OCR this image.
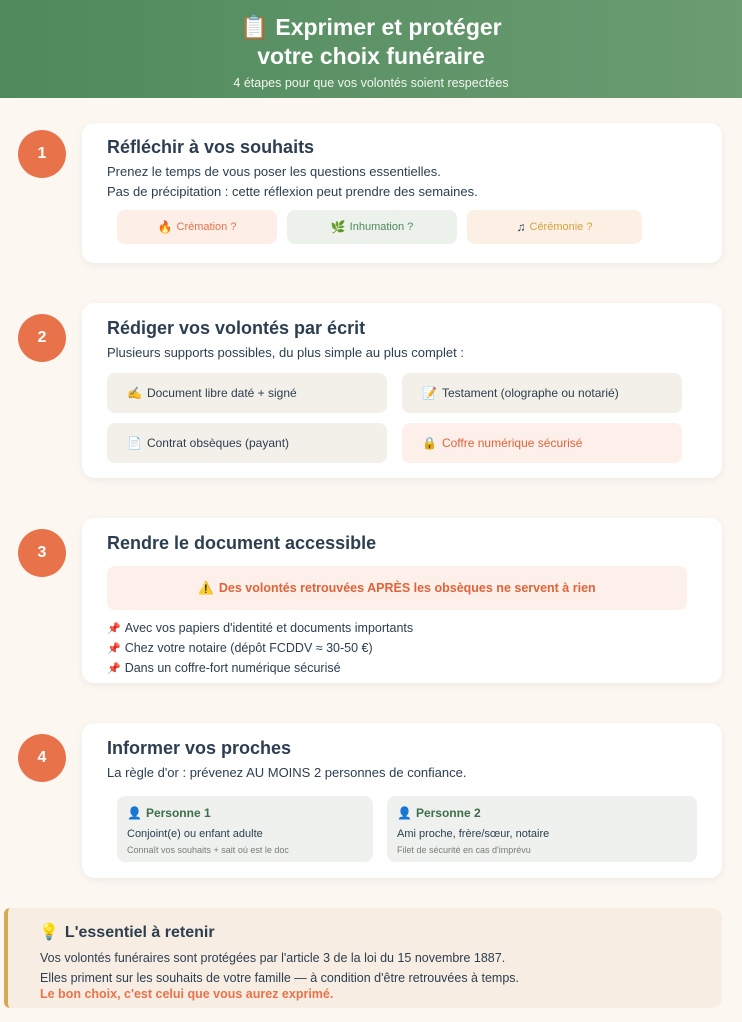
📋 Exprimer et protéger
votre choix funéraire
4 étapes pour que vos volontés soient respectées
1	Réfléchir à vos souhaits
Prenez le temps de vous poser les questions essentielles.
Pas de précipitation : cette réflexion peut prendre des semaines.
🔥 Crémation ?	🌿 Inhumation ?	♫ Cérémonie ?
2	Rédiger vos volontés par écrit
Plusieurs supports possibles, du plus simple au plus complet :
✍️ Document libre daté + signé	📝 Testament (olographe ou notarié)
📄 Contrat obsèques (payant)	🔒 Coffre numérique sécurisé
3	Rendre le document accessible
⚠️ Des volontés retrouvées APRÈS les obsèques ne servent à rien
📌 Avec vos papiers d'identité et documents importants
📌 Chez votre notaire (dépôt FCDDV ≈ 30-50 €)
📌 Dans un coffre-fort numérique sécurisé
4	Informer vos proches
La règle d'or : prévenez AU MOINS 2 personnes de confiance.
👤 Personne 1
Conjoint(e) ou enfant adulte
Connaît vos souhaits + sait où est le doc
👤 Personne 2
Ami proche, frère/sœur, notaire
Filet de sécurité en cas d'imprévu
💡 L'essentiel à retenir
Vos volontés funéraires sont protégées par l'article 3 de la loi du 15 novembre 1887.
Elles priment sur les souhaits de votre famille — à condition d'être retrouvées à temps.
Le bon choix, c'est celui que vous aurez exprimé.
